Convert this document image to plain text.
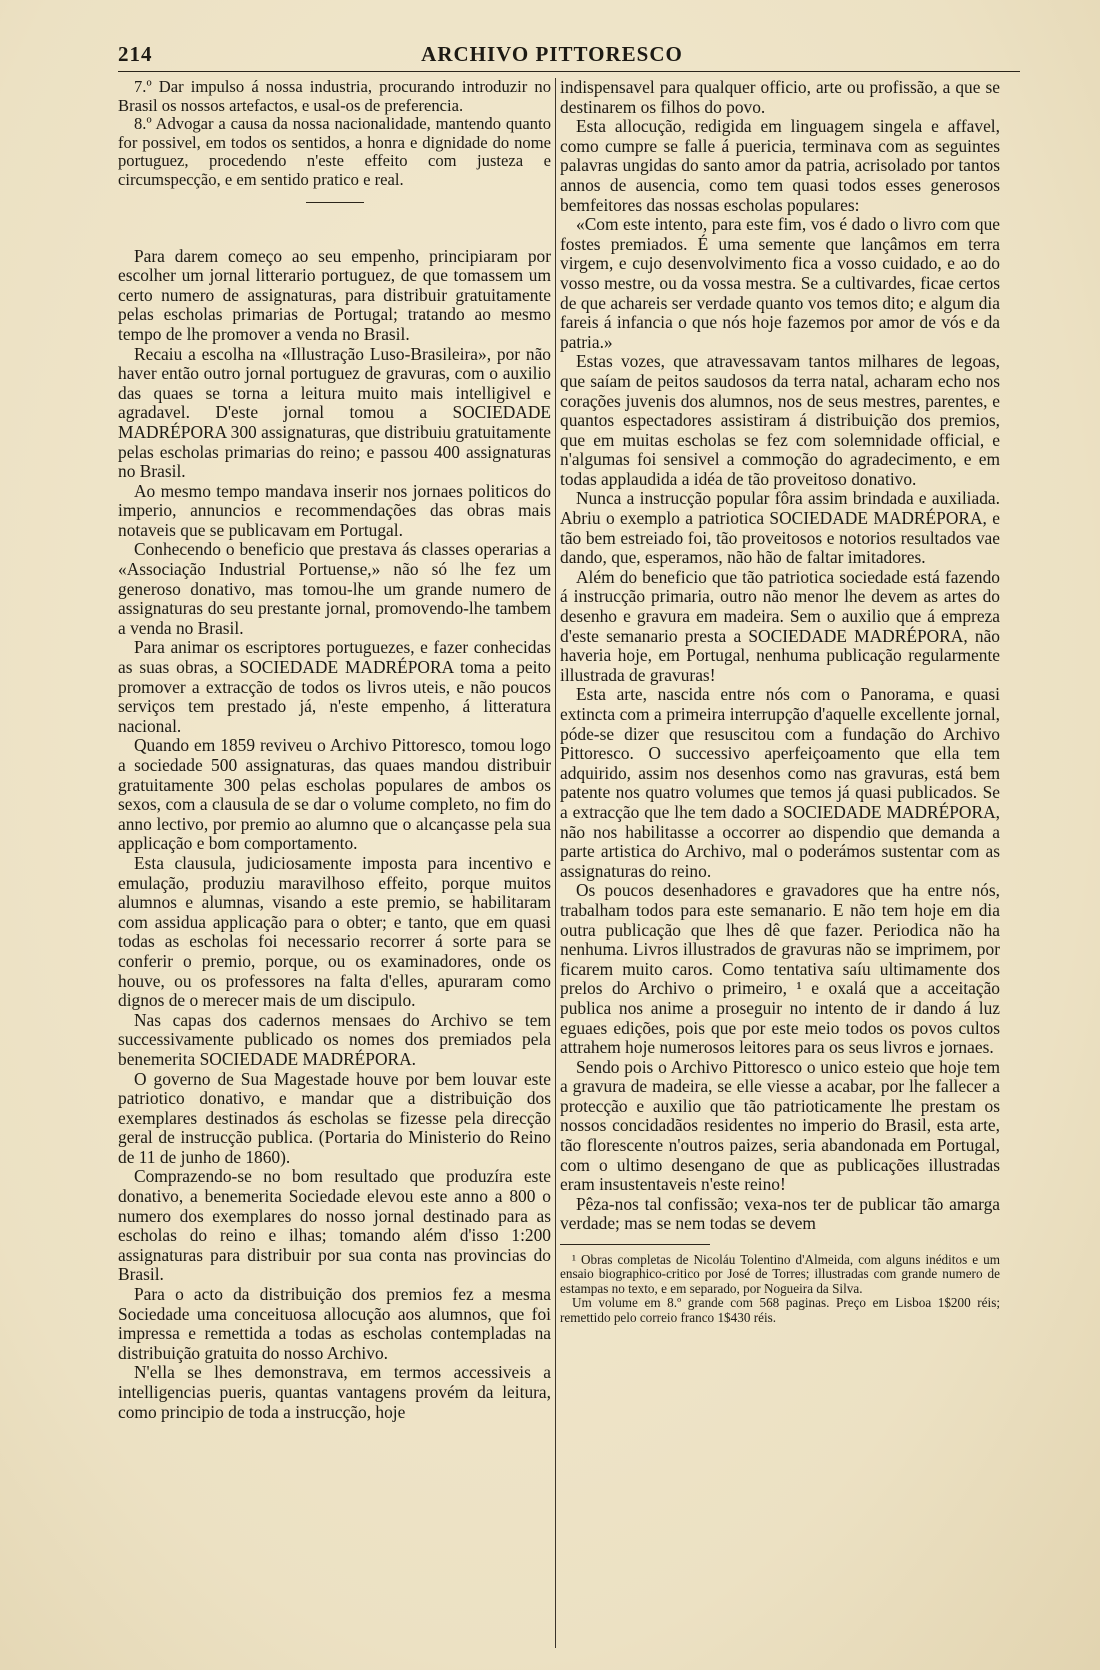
214	ARCHIVO PITTORESCO

7.º Dar impulso á nossa industria, procurando introduzir no Brasil os nossos artefactos, e usal-os de preferencia.

8.º Advogar a causa da nossa nacionalidade, mantendo quanto for possivel, em todos os sentidos, a honra e dignidade do nome portuguez, procedendo n'este effeito com justeza e circumspecção, e em sentido pratico e real.

Para darem começo ao seu empenho, principiaram por escolher um jornal litterario portuguez, de que tomassem um certo numero de assignaturas, para distribuir gratuitamente pelas escholas primarias de Portugal; tratando ao mesmo tempo de lhe promover a venda no Brasil.

Recaiu a escolha na «Illustração Luso-Brasileira», por não haver então outro jornal portuguez de gravuras, com o auxilio das quaes se torna a leitura muito mais intelligivel e agradavel. D'este jornal tomou a SOCIEDADE MADRÉPORA 300 assignaturas, que distribuiu gratuitamente pelas escholas primarias do reino; e passou 400 assignaturas no Brasil.

Ao mesmo tempo mandava inserir nos jornaes politicos do imperio, annuncios e recommendações das obras mais notaveis que se publicavam em Portugal.

Conhecendo o beneficio que prestava ás classes operarias a «Associação Industrial Portuense,» não só lhe fez um generoso donativo, mas tomou-lhe um grande numero de assignaturas do seu prestante jornal, promovendo-lhe tambem a venda no Brasil.

Para animar os escriptores portuguezes, e fazer conhecidas as suas obras, a SOCIEDADE MADRÉPORA toma a peito promover a extracção de todos os livros uteis, e não poucos serviços tem prestado já, n'este empenho, á litteratura nacional.

Quando em 1859 reviveu o Archivo Pittoresco, tomou logo a sociedade 500 assignaturas, das quaes mandou distribuir gratuitamente 300 pelas escholas populares de ambos os sexos, com a clausula de se dar o volume completo, no fim do anno lectivo, por premio ao alumno que o alcançasse pela sua applicação e bom comportamento.

Esta clausula, judiciosamente imposta para incentivo e emulação, produziu maravilhoso effeito, porque muitos alumnos e alumnas, visando a este premio, se habilitaram com assidua applicação para o obter; e tanto, que em quasi todas as escholas foi necessario recorrer á sorte para se conferir o premio, porque, ou os examinadores, onde os houve, ou os professores na falta d'elles, apuraram como dignos de o merecer mais de um discipulo.

Nas capas dos cadernos mensaes do Archivo se tem successivamente publicado os nomes dos premiados pela benemerita SOCIEDADE MADRÉPORA.

O governo de Sua Magestade houve por bem louvar este patriotico donativo, e mandar que a distribuição dos exemplares destinados ás escholas se fizesse pela direcção geral de instrucção publica. (Portaria do Ministerio do Reino de 11 de junho de 1860).

Comprazendo-se no bom resultado que produzíra este donativo, a benemerita Sociedade elevou este anno a 800 o numero dos exemplares do nosso jornal destinado para as escholas do reino e ilhas; tomando além d'isso 1:200 assignaturas para distribuir por sua conta nas provincias do Brasil.

Para o acto da distribuição dos premios fez a mesma Sociedade uma conceituosa allocução aos alumnos, que foi impressa e remettida a todas as escholas contempladas na distribuição gratuita do nosso Archivo.

N'ella se lhes demonstrava, em termos accessiveis a intelligencias pueris, quantas vantagens provém da leitura, como principio de toda a instrucção, hoje

indispensavel para qualquer officio, arte ou profissão, a que se destinarem os filhos do povo.

Esta allocução, redigida em linguagem singela e affavel, como cumpre se falle á puericia, terminava com as seguintes palavras ungidas do santo amor da patria, acrisolado por tantos annos de ausencia, como tem quasi todos esses generosos bemfeitores das nossas escholas populares:

«Com este intento, para este fim, vos é dado o livro com que fostes premiados. É uma semente que lançâmos em terra virgem, e cujo desenvolvimento fica a vosso cuidado, e ao do vosso mestre, ou da vossa mestra. Se a cultivardes, ficae certos de que achareis ser verdade quanto vos temos dito; e algum dia fareis á infancia o que nós hoje fazemos por amor de vós e da patria.»

Estas vozes, que atravessavam tantos milhares de legoas, que saíam de peitos saudosos da terra natal, acharam echo nos corações juvenis dos alumnos, nos de seus mestres, parentes, e quantos espectadores assistiram á distribuição dos premios, que em muitas escholas se fez com solemnidade official, e n'algumas foi sensivel a commoção do agradecimento, e em todas applaudida a idéa de tão proveitoso donativo.

Nunca a instrucção popular fôra assim brindada e auxiliada. Abriu o exemplo a patriotica SOCIEDADE MADRÉPORA, e tão bem estreiado foi, tão proveitosos e notorios resultados vae dando, que, esperamos, não hão de faltar imitadores.

Além do beneficio que tão patriotica sociedade está fazendo á instrucção primaria, outro não menor lhe devem as artes do desenho e gravura em madeira. Sem o auxilio que á empreza d'este semanario presta a SOCIEDADE MADRÉPORA, não haveria hoje, em Portugal, nenhuma publicação regularmente illustrada de gravuras!

Esta arte, nascida entre nós com o Panorama, e quasi extincta com a primeira interrupção d'aquelle excellente jornal, póde-se dizer que resuscitou com a fundação do Archivo Pittoresco. O successivo aperfeiçoamento que ella tem adquirido, assim nos desenhos como nas gravuras, está bem patente nos quatro volumes que temos já quasi publicados. Se a extracção que lhe tem dado a SOCIEDADE MADRÉPORA, não nos habilitasse a occorrer ao dispendio que demanda a parte artistica do Archivo, mal o poderámos sustentar com as assignaturas do reino.

Os poucos desenhadores e gravadores que ha entre nós, trabalham todos para este semanario. E não tem hoje em dia outra publicação que lhes dê que fazer. Periodica não ha nenhuma. Livros illustrados de gravuras não se imprimem, por ficarem muito caros. Como tentativa saíu ultimamente dos prelos do Archivo o primeiro, ¹ e oxalá que a acceitação publica nos anime a proseguir no intento de ir dando á luz eguaes edições, pois que por este meio todos os povos cultos attrahem hoje numerosos leitores para os seus livros e jornaes.

Sendo pois o Archivo Pittoresco o unico esteio que hoje tem a gravura de madeira, se elle viesse a acabar, por lhe fallecer a protecção e auxilio que tão patrioticamente lhe prestam os nossos concidadãos residentes no imperio do Brasil, esta arte, tão florescente n'outros paizes, seria abandonada em Portugal, com o ultimo desengano de que as publicações illustradas eram insustentaveis n'este reino!

Pêza-nos tal confissão; vexa-nos ter de publicar tão amarga verdade; mas se nem todas se devem

¹ Obras completas de Nicoláu Tolentino d'Almeida, com alguns inéditos e um ensaio biographico-critico por José de Torres; illustradas com grande numero de estampas no texto, e em separado, por Nogueira da Silva.

Um volume em 8.º grande com 568 paginas. Preço em Lisboa 1$200 réis; remettido pelo correio franco 1$430 réis.
